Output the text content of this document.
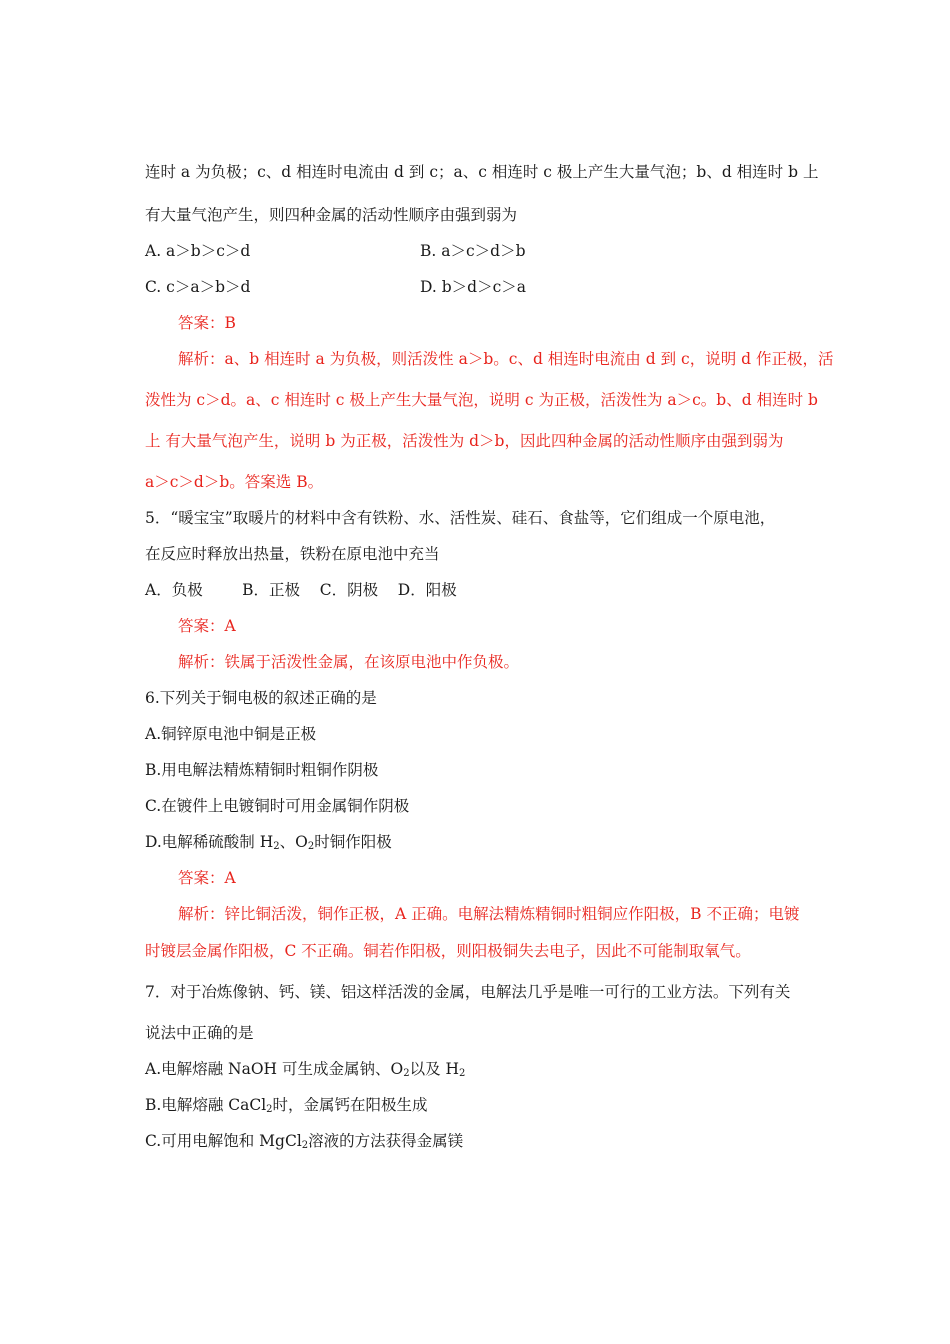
连时 a 为负极；c、d 相连时电流由 d 到 c；a、c 相连时 c 极上产生大量气泡；b、d 相连时 b 上
有大量气泡产生，则四种金属的活动性顺序由强到弱为
A. a＞b＞c＞d	B. a＞c＞d＞b
C. c＞a＞b＞d	D. b＞d＞c＞a
答案：B
解析：a、b 相连时 a 为负极，则活泼性 a＞b。c、d 相连时电流由 d 到 c，说明 d 作正极，活
泼性为 c＞d。a、c 相连时 c 极上产生大量气泡，说明 c 为正极，活泼性为 a＞c。b、d 相连时 b
上 有大量气泡产生，说明 b 为正极，活泼性为 d＞b，因此四种金属的活动性顺序由强到弱为
a＞c＞d＞b。答案选 B。
5．“暖宝宝”取暖片的材料中含有铁粉、水、活性炭、硅石、食盐等，它们组成一个原电池，
在反应时释放出热量，铁粉在原电池中充当
A．负极        B．正极    C．阴极    D．阳极
答案：A
解析：铁属于活泼性金属，在该原电池中作负极。
6.下列关于铜电极的叙述正确的是
A.铜锌原电池中铜是正极
B.用电解法精炼精铜时粗铜作阴极
C.在镀件上电镀铜时可用金属铜作阴极
D.电解稀硫酸制 $H_2$、$O_2$时铜作阳极
答案：A
解析：锌比铜活泼，铜作正极，A 正确。电解法精炼精铜时粗铜应作阳极，B 不正确；电镀
时镀层金属作阳极，C 不正确。铜若作阳极，则阳极铜失去电子，因此不可能制取氧气。
7．对于冶炼像钠、钙、镁、铝这样活泼的金属，电解法几乎是唯一可行的工业方法。下列有关
说法中正确的是
A.电解熔融 NaOH 可生成金属钠、$O_2$以及 $H_2$
B.电解熔融 CaCl$_2$时，金属钙在阳极生成
C.可用电解饱和 MgCl$_2$溶液的方法获得金属镁
